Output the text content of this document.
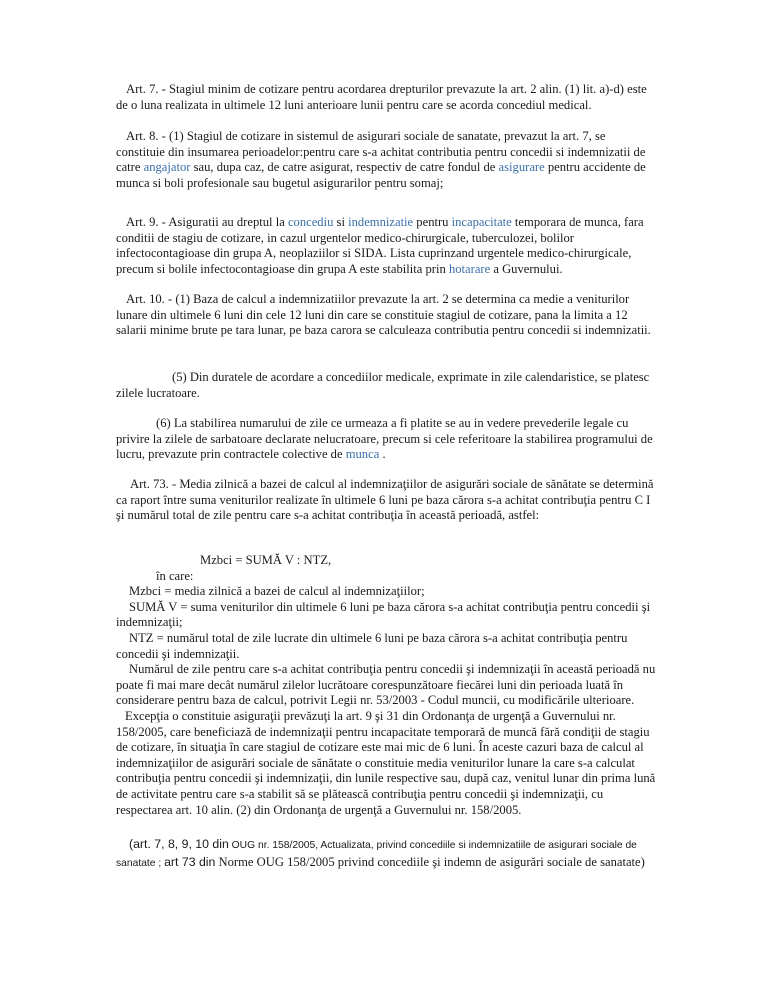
Art. 7. - Stagiul minim de cotizare pentru acordarea drepturilor prevazute la art. 2 alin. (1) lit. a)-d) este de o luna realizata in ultimele 12 luni anterioare lunii pentru care se acorda concediul medical.

Art. 8. - (1) Stagiul de cotizare in sistemul de asigurari sociale de sanatate, prevazut la art. 7, se constituie din insumarea perioadelor:pentru care s-a achitat contributia pentru concedii si indemnizatii de catre angajator sau, dupa caz, de catre asigurat, respectiv de catre fondul de asigurare pentru accidente de munca si boli profesionale sau bugetul asigurarilor pentru somaj;

Art. 9. - Asiguratii au dreptul la concediu si indemnizatie pentru incapacitate temporara de munca, fara conditii de stagiu de cotizare, in cazul urgentelor medico-chirurgicale, tuberculozei, bolilor infectocontagioase din grupa A, neoplaziilor si SIDA. Lista cuprinzand urgentele medico-chirurgicale, precum si bolile infectocontagioase din grupa A este stabilita prin hotarare a Guvernului.

Art. 10. - (1) Baza de calcul a indemnizatiilor prevazute la art. 2 se determina ca medie a veniturilor lunare din ultimele 6 luni din cele 12 luni din care se constituie stagiul de cotizare, pana la limita a 12 salarii minime brute pe tara lunar, pe baza carora se calculeaza contributia pentru concedii si indemnizatii.

(5) Din duratele de acordare a concediilor medicale, exprimate in zile calendaristice, se platesc zilele lucratoare.

(6) La stabilirea numarului de zile ce urmeaza a fi platite se au in vedere prevederile legale cu privire la zilele de sarbatoare declarate nelucratoare, precum si cele referitoare la stabilirea programului de lucru, prevazute prin contractele colective de munca .

Art. 73. - Media zilnică a bazei de calcul al indemnizaţiilor de asigurări sociale de sănătate se determină ca raport între suma veniturilor realizate în ultimele 6 luni pe baza cărora s-a achitat contribuţia pentru C I şi numărul total de zile pentru care s-a achitat contribuţia în această perioadă, astfel:

Mzbci = SUMĂ V : NTZ,

în care:

Mzbci = media zilnică a bazei de calcul al indemnizaţiilor;

SUMĂ V = suma veniturilor din ultimele 6 luni pe baza cărora s-a achitat contribuţia pentru concedii şi indemnizaţii;

NTZ = numărul total de zile lucrate din ultimele 6 luni pe baza cărora s-a achitat contribuţia pentru concedii şi indemnizaţii.

Numărul de zile pentru care s-a achitat contribuţia pentru concedii şi indemnizaţii în această perioadă nu poate fi mai mare decât numărul zilelor lucrătoare corespunzătoare fiecărei luni din perioada luată în considerare pentru baza de calcul, potrivit Legii nr. 53/2003 - Codul muncii, cu modificările ulterioare.

Excepţia o constituie asiguraţii prevăzuţi la art. 9 şi 31 din Ordonanţa de urgenţă a Guvernului nr. 158/2005, care beneficiază de indemnizaţii pentru incapacitate temporară de muncă fără condiţii de stagiu de cotizare, în situaţia în care stagiul de cotizare este mai mic de 6 luni. În aceste cazuri baza de calcul al indemnizaţiilor de asigurări sociale de sănătate o constituie media veniturilor lunare la care s-a calculat contribuţia pentru concedii şi indemnizaţii, din lunile respective sau, după caz, venitul lunar din prima lună de activitate pentru care s-a stabilit să se plătească contribuţia pentru concedii şi indemnizaţii, cu respectarea art. 10 alin. (2) din Ordonanţa de urgenţă a Guvernului nr. 158/2005.

(art. 7, 8, 9, 10 din OUG nr. 158/2005, Actualizata, privind concediile si indemnizatiile de asigurari sociale de sanatate ; art 73 din Norme OUG 158/2005 privind concediile şi indemn de asigurări sociale de sanatate)
